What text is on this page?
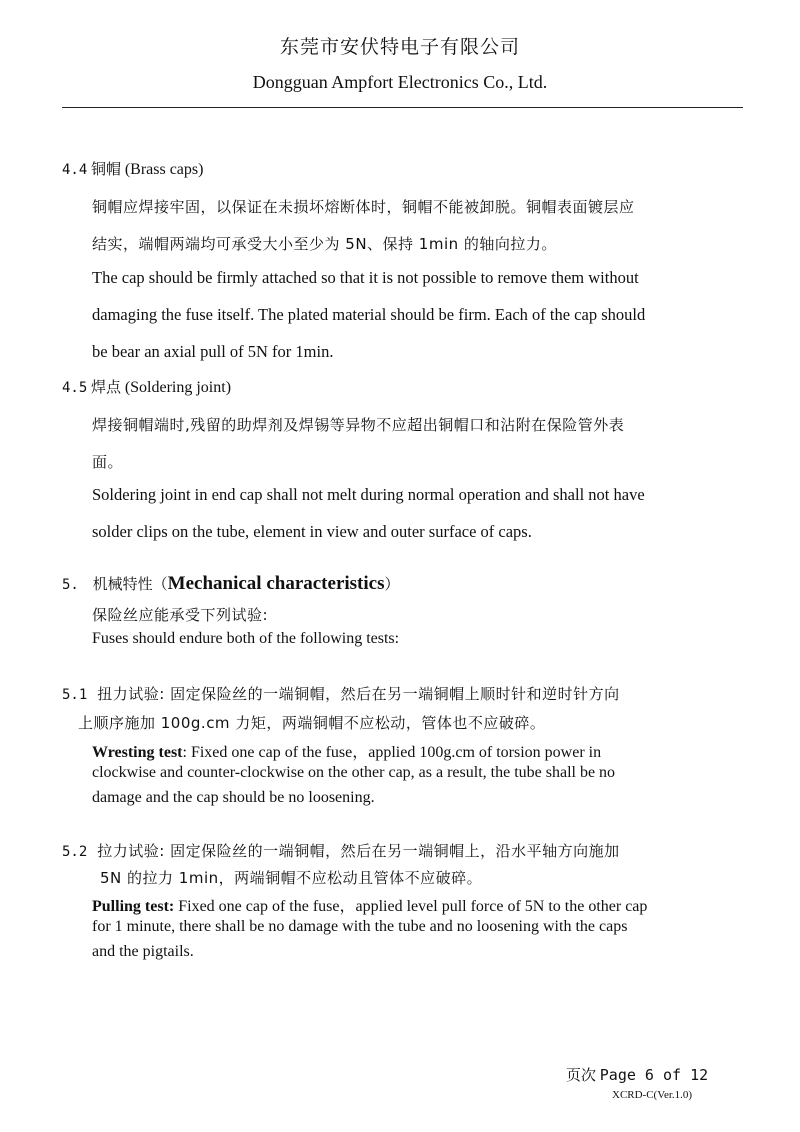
东莞市安伏特电子有限公司
Dongguan Ampfort Electronics Co., Ltd.
4.4 铜帽 (Brass caps)
铜帽应焊接牢固，以保证在未损坏熔断体时，铜帽不能被卸脱。铜帽表面镀层应
结实，端帽两端均可承受大小至少为 5N、保持 1min 的轴向拉力。
The cap should be firmly attached so that it is not possible to remove them without
damaging the fuse itself. The plated material should be firm. Each of the cap should
be bear an axial pull of 5N for 1min.
4.5 焊点 (Soldering joint)
焊接铜帽端时,残留的助焊剂及焊锡等异物不应超出铜帽口和沾附在保险管外表
面。
Soldering joint in end cap shall not melt during normal operation and shall not have
solder clips on the tube, element in view and outer surface of caps.
5. 机械特性（Mechanical characteristics）
保险丝应能承受下列试验:
Fuses should endure both of the following tests:
5.1 扭力试验: 固定保险丝的一端铜帽，然后在另一端铜帽上顺时针和逆时针方向
上顺序施加 100g.cm 力矩，两端铜帽不应松动，管体也不应破碎。
Wresting test: Fixed one cap of the fuse，applied 100g.cm of torsion power in
clockwise and counter-clockwise on the other cap, as a result, the tube shall be no
damage and the cap should be no loosening.
5.2 拉力试验: 固定保险丝的一端铜帽，然后在另一端铜帽上，沿水平轴方向施加
5N 的拉力 1min，两端铜帽不应松动且管体不应破碎。
Pulling test: Fixed one cap of the fuse，applied level pull force of 5N to the other cap
for 1 minute, there shall be no damage with the tube and no loosening with the caps
and the pigtails.
页次 Page 6 of 12
XCRD-C(Ver.1.0)
